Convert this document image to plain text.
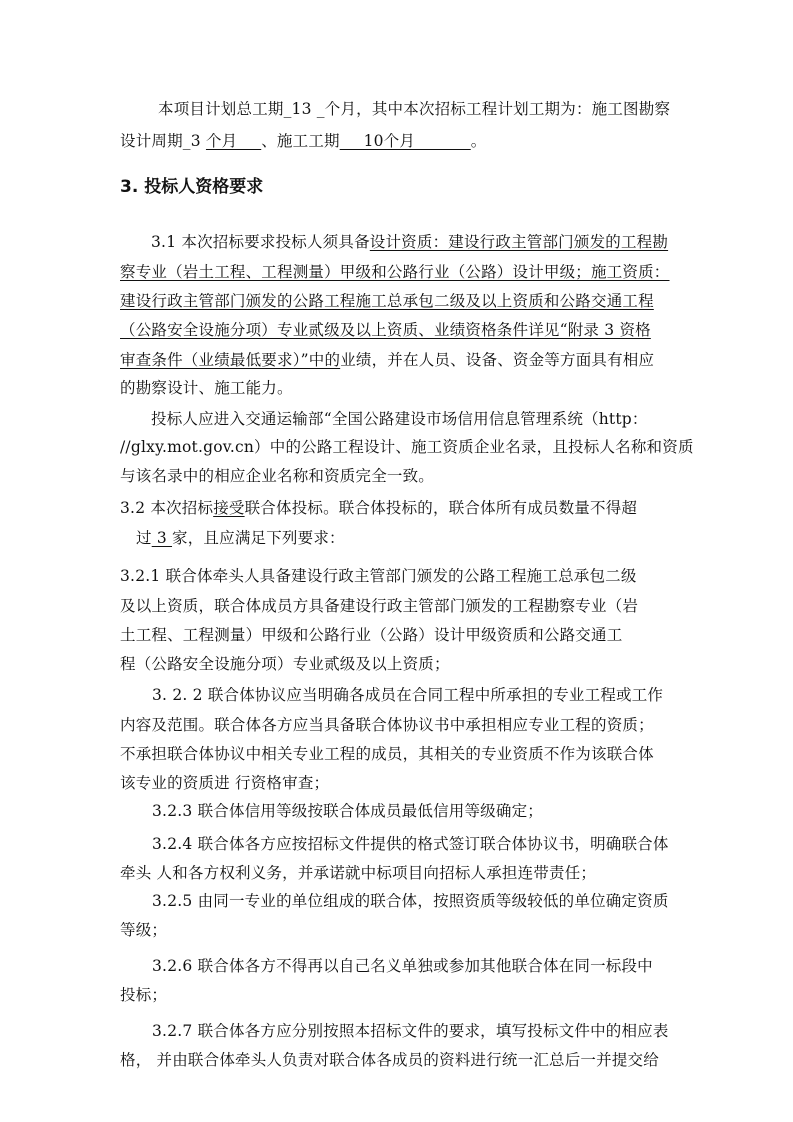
本项目计划总工期_13 _个月，其中本次招标工程计划工期为：施工图勘察
设计周期_3 个月___、施工工期___10个月_______。
3. 投标人资格要求
3.1 本次招标要求投标人须具备设计资质：建设行政主管部门颁发的工程勘
察专业（岩土工程、工程测量）甲级和公路行业（公路）设计甲级；施工资质：
建设行政主管部门颁发的公路工程施工总承包二级及以上资质和公路交通工程
（公路安全设施分项）专业贰级及以上资质、业绩资格条件详见“附录 3 资格
审查条件（业绩最低要求）”中的业绩，并在人员、设备、资金等方面具有相应
的勘察设计、施工能力。
投标人应进入交通运输部“全国公路建设市场信用信息管理系统（http：
//glxy.mot.gov.cn）中的公路工程设计、施工资质企业名录，且投标人名称和资质
与该名录中的相应企业名称和资质完全一致。
3.2 本次招标接受联合体投标。联合体投标的，联合体所有成员数量不得超
过 3 家，且应满足下列要求：
3.2.1 联合体牵头人具备建设行政主管部门颁发的公路工程施工总承包二级
及以上资质，联合体成员方具备建设行政主管部门颁发的工程勘察专业（岩
土工程、工程测量）甲级和公路行业（公路）设计甲级资质和公路交通工
程（公路安全设施分项）专业贰级及以上资质；
3. 2. 2 联合体协议应当明确各成员在合同工程中所承担的专业工程或工作
内容及范围。联合体各方应当具备联合体协议书中承担相应专业工程的资质；
不承担联合体协议中相关专业工程的成员，其相关的专业资质不作为该联合体
该专业的资质进 行资格审查；
3.2.3 联合体信用等级按联合体成员最低信用等级确定；
3.2.4 联合体各方应按招标文件提供的格式签订联合体协议书，明确联合体
牵头 人和各方权利义务，并承诺就中标项目向招标人承担连带责任；
3.2.5 由同一专业的单位组成的联合体，按照资质等级较低的单位确定资质
等级；
3.2.6 联合体各方不得再以自己名义单独或参加其他联合体在同一标段中
投标；
3.2.7 联合体各方应分别按照本招标文件的要求，填写投标文件中的相应表
格， 并由联合体牵头人负责对联合体各成员的资料进行统一汇总后一并提交给
